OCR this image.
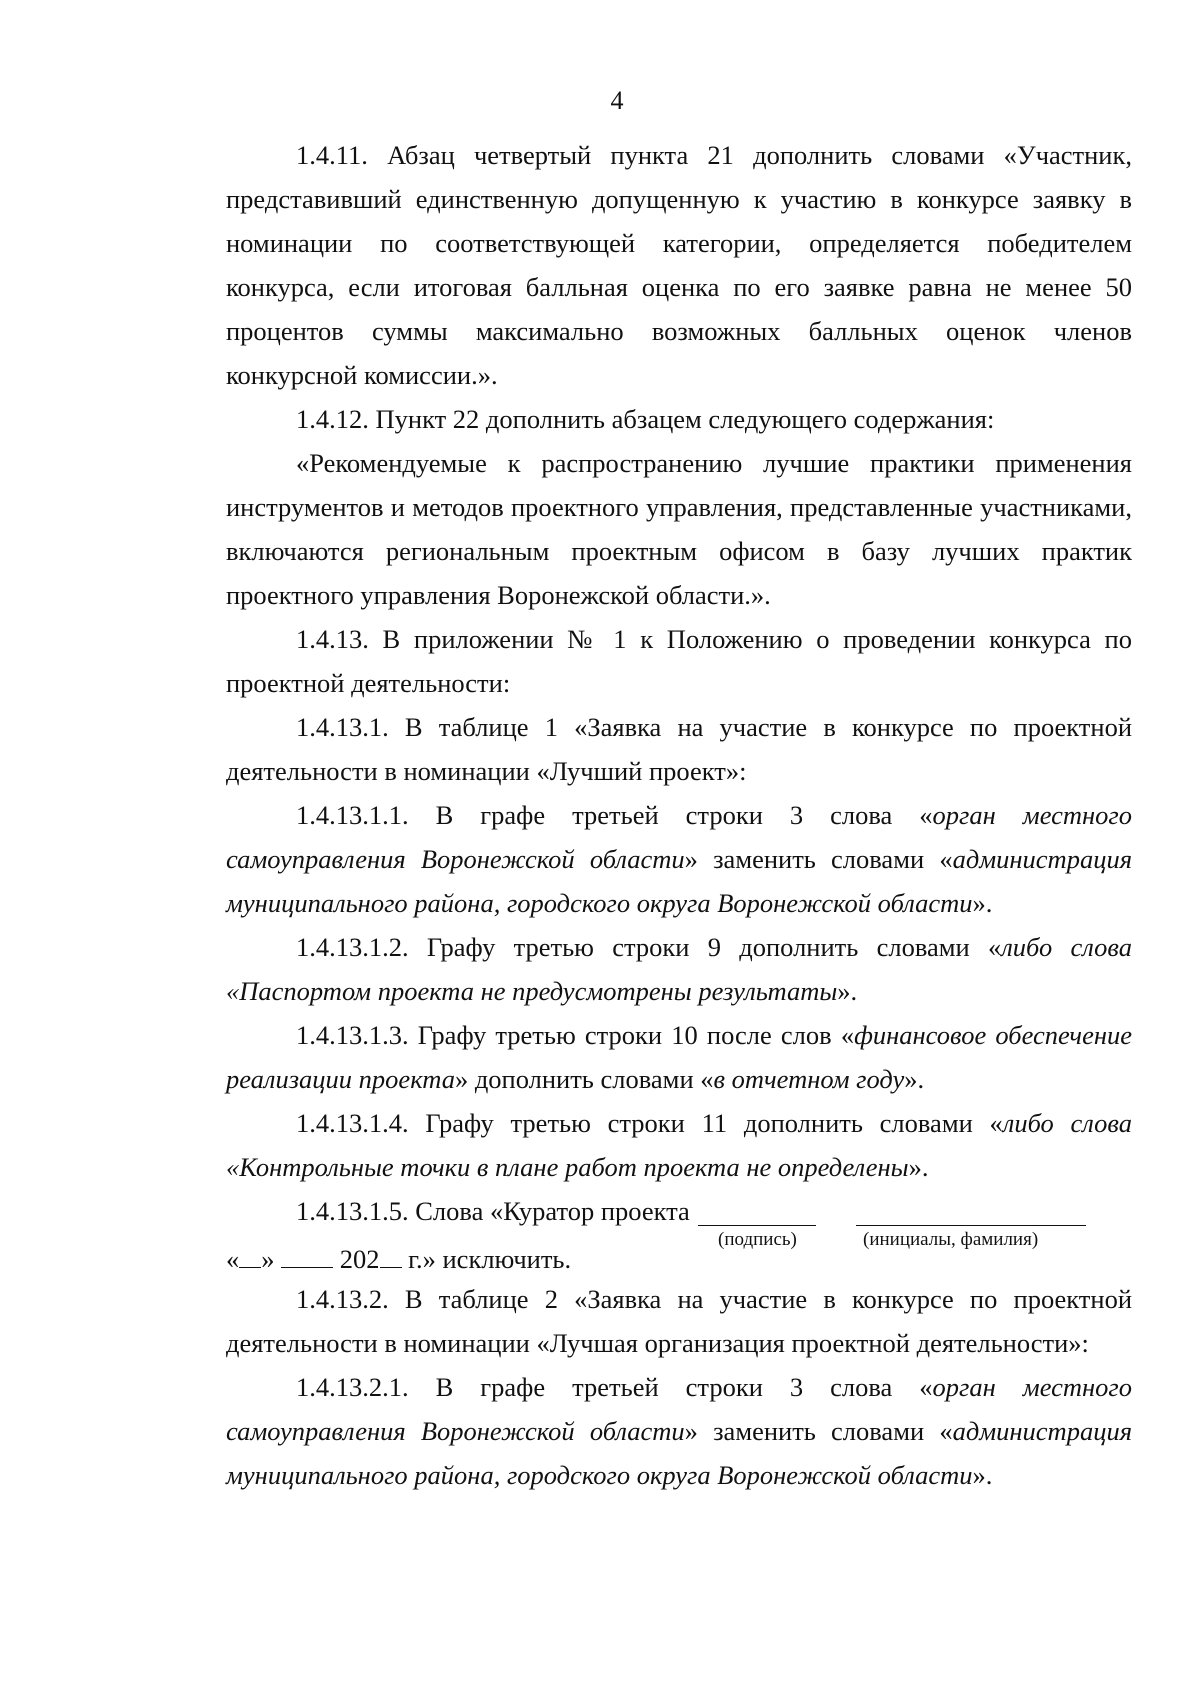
4

1.4.11. Абзац четвертый пункта 21 дополнить словами «Участник, представивший единственную допущенную к участию в конкурсе заявку в номинации по соответствующей категории, определяется победителем конкурса, если итоговая балльная оценка по его заявке равна не менее 50 процентов суммы максимально возможных балльных оценок членов конкурсной комиссии.».

1.4.12. Пункт 22 дополнить абзацем следующего содержания:

«Рекомендуемые к распространению лучшие практики применения инструментов и методов проектного управления, представленные участниками, включаются региональным проектным офисом в базу лучших практик проектного управления Воронежской области.».

1.4.13. В приложении № 1 к Положению о проведении конкурса по проектной деятельности:

1.4.13.1. В таблице 1 «Заявка на участие в конкурсе по проектной деятельности в номинации «Лучший проект»:

1.4.13.1.1. В графе третьей строки 3 слова «орган местного самоуправления Воронежской области» заменить словами «администрация муниципального района, городского округа Воронежской области».

1.4.13.1.2. Графу третью строки 9 дополнить словами «либо слова «Паспортом проекта не предусмотрены результаты».

1.4.13.1.3. Графу третью строки 10 после слов «финансовое обеспечение реализации проекта» дополнить словами «в отчетном году».

1.4.13.1.4. Графу третью строки 11 дополнить словами «либо слова «Контрольные точки в плане работ проекта не определены».

1.4.13.1.5. Слова «Куратор проекта
(подпись)	(инициалы, фамилия)
« » 202 г.» исключить.

1.4.13.2. В таблице 2 «Заявка на участие в конкурсе по проектной деятельности в номинации «Лучшая организация проектной деятельности»:

1.4.13.2.1. В графе третьей строки 3 слова «орган местного самоуправления Воронежской области» заменить словами «администрация муниципального района, городского округа Воронежской области».
